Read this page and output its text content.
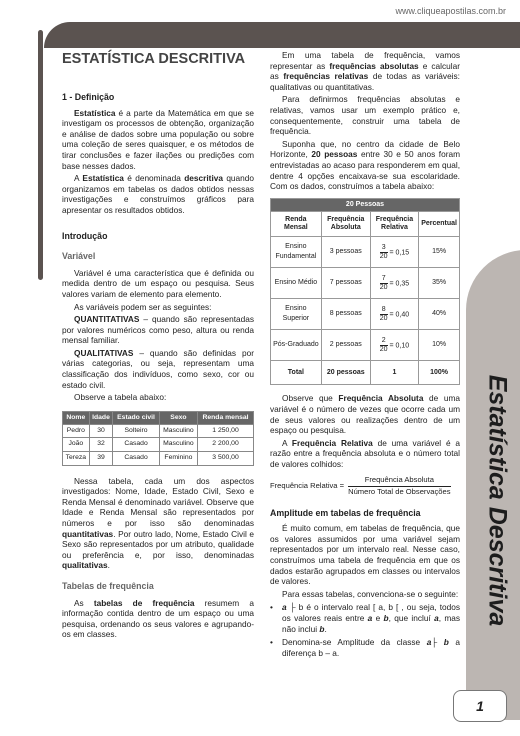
www.cliqueapostilas.com.br
Estatística Descritiva
1
ESTATÍSTICA DESCRITIVA
1 - Definição

Estatística é a parte da Matemática em que se investigam os processos de obtenção, organização e análise de dados sobre uma população ou sobre uma coleção de seres quaisquer, e os métodos de tirar conclusões e fazer ilações ou predições com base nesses dados.

A Estatística é denominada descritiva quando organizamos em tabelas os dados obtidos nessas investigações e construímos gráficos para apresentar os resultados obtidos.

Introdução
Variável

Variável é uma característica que é definida ou medida dentro de um espaço ou pesquisa. Seus valores variam de elemento para elemento.

As variáveis podem ser as seguintes:

QUANTITATIVAS – quando são representadas por valores numéricos como peso, altura ou renda mensal familiar.

QUALITATIVAS – quando são definidas por várias categorias, ou seja, representam uma classificação dos indivíduos, como sexo, cor ou estado civil.

Observe a tabela abaixo:

Nome	Idade	Estado civil	Sexo	Renda mensal
Pedro	30	Solteiro	Masculino	1 250,00
João	32	Casado	Masculino	2 200,00
Tereza	39	Casado	Feminino	3 500,00

Nessa tabela, cada um dos aspectos investigados: Nome, Idade, Estado Civil, Sexo e Renda Mensal é denominado variável. Observe que Idade e Renda Mensal são representados por números e por isso são denominadas quantitativas. Por outro lado, Nome, Estado Civil e Sexo são representados por um atributo, qualidade ou preferência e, por isso, denominadas qualitativas.

Tabelas de frequência

As tabelas de frequência resumem a informação contida dentro de um espaço ou uma pesquisa, ordenando os seus valores e agrupando-os em classes.

Em uma tabela de frequência, vamos representar as frequências absolutas e calcular as frequências relativas de todas as variáveis: qualitativas ou quantitativas.

Para definirmos frequências absolutas e relativas, vamos usar um exemplo prático e, consequentemente, construir uma tabela de frequência.

Suponha que, no centro da cidade de Belo Horizonte, 20 pessoas entre 30 e 50 anos foram entrevistadas ao acaso para responderem em qual, dentre 4 opções encaixava-se sua escolaridade. Com os dados, construímos a tabela abaixo:

20 Pessoas			
Renda Mensal	Frequência Absoluta	Frequência Relativa	Percentual
Ensino Fundamental	3 pessoas	$\frac{3}{20} = 0,15$	15%
Ensino Médio	7 pessoas	$\frac{7}{20} = 0,35$	35%
Ensino Superior	8 pessoas	$\frac{8}{20} = 0,40$	40%
Pós-Graduado	2 pessoas	$\frac{2}{20} = 0,10$	10%
Total	20 pessoas	1	100%

Observe que Frequência Absoluta de uma variável é o número de vezes que ocorre cada um de seus valores ou realizações dentro de um espaço ou pesquisa.

A Frequência Relativa de uma variável é a razão entre a frequência absoluta e o número total de valores colhidos:

Frequência Relativa =
Frequência Absoluta
Número Total de Observações
Amplitude em tabelas de frequência

É muito comum, em tabelas de frequência, que os valores assumidos por uma variável sejam representados por um intervalo real. Nesse caso, construímos uma tabela de frequência em que os dados estarão agrupados em classes ou intervalos de valores.

Para essas tabelas, convenciona-se o seguinte:

•	a ├ b é o intervalo real [ a, b [ , ou seja, todos os valores reais entre a e b, que incluí a, mas não inclui b.
•	Denomina-se Amplitude da classe a├ b a diferença b – a.
